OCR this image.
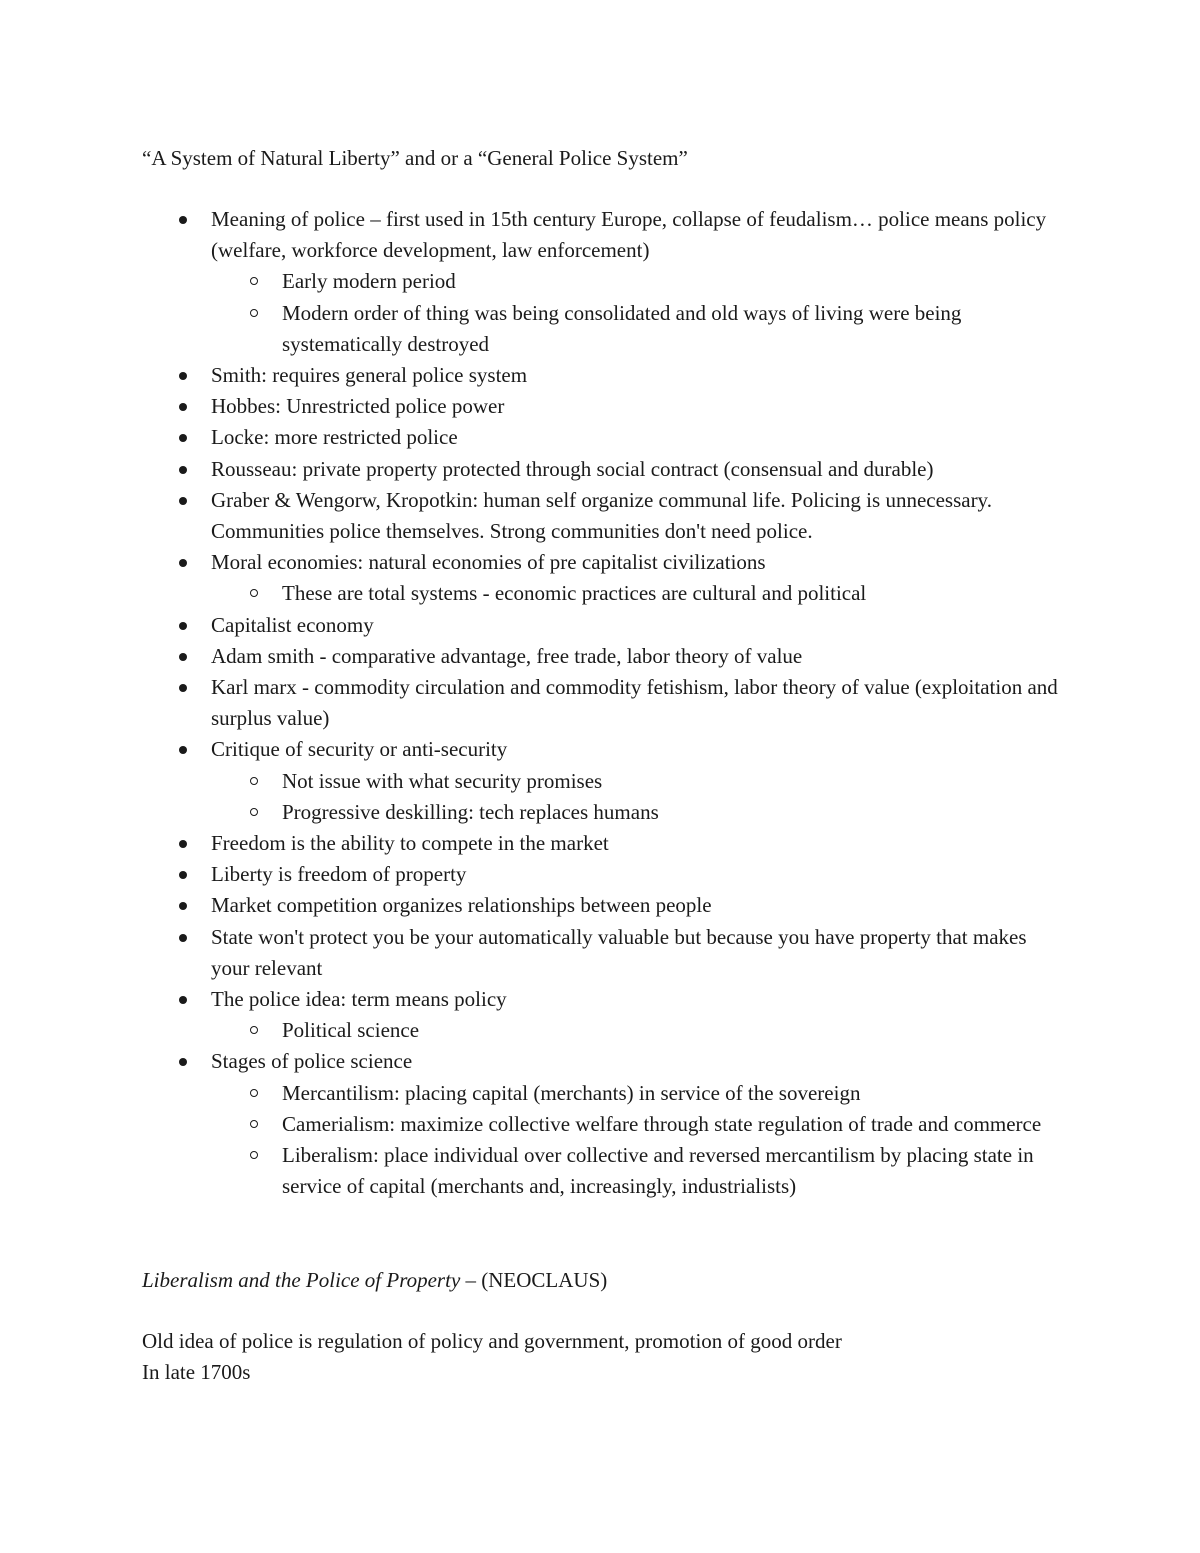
“A System of Natural Liberty” and or a “General Police System”
Meaning of police – first used in 15th century Europe, collapse of feudalism… police means policy (welfare, workforce development, law enforcement)
Early modern period
Modern order of thing was being consolidated and old ways of living were being systematically destroyed
Smith: requires general police system
Hobbes: Unrestricted police power
Locke: more restricted police
Rousseau: private property protected through social contract (consensual and durable)
Graber & Wengorw, Kropotkin: human self organize communal life. Policing is unnecessary. Communities police themselves. Strong communities don't need police.
Moral economies: natural economies of pre capitalist civilizations
These are total systems - economic practices are cultural and political
Capitalist economy
Adam smith - comparative advantage, free trade, labor theory of value
Karl marx - commodity circulation and commodity fetishism, labor theory of value (exploitation and surplus value)
Critique of security or anti-security
Not issue with what security promises
Progressive deskilling: tech replaces humans
Freedom is the ability to compete in the market
Liberty is freedom of property
Market competition organizes relationships between people
State won't protect you be your automatically valuable but because you have property that makes your relevant
The police idea: term means policy
Political science
Stages of police science
Mercantilism: placing capital (merchants) in service of the sovereign
Camerialism: maximize collective welfare through state regulation of trade and commerce
Liberalism: place individual over collective and reversed mercantilism by placing state in service of capital (merchants and, increasingly, industrialists)
Liberalism and the Police of Property – (NEOCLAUS)
Old idea of police is regulation of policy and government, promotion of good order
In late 1700s
